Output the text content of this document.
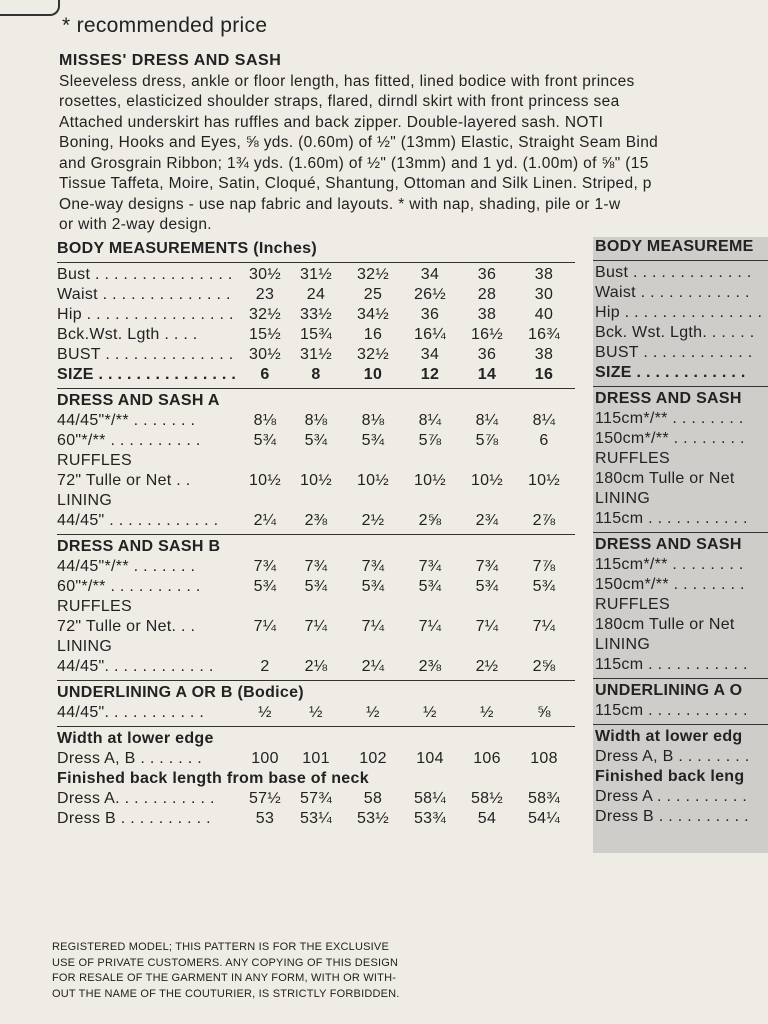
* recommended price
MISSES' DRESS AND SASH
Sleeveless dress, ankle or floor length, has fitted, lined bodice with front princes
rosettes, elasticized shoulder straps, flared, dirndl skirt with front princess sea
Attached underskirt has ruffles and back zipper. Double-layered sash. NOTI
Boning, Hooks and Eyes, ⅝ yds. (0.60m) of ½" (13mm) Elastic, Straight Seam Bind
and Grosgrain Ribbon; 1¾ yds. (1.60m) of ½" (13mm) and 1 yd. (1.00m) of ⅝" (15
Tissue Taffeta, Moire, Satin, Cloqué, Shantung, Ottoman and Silk Linen. Striped, p
One-way designs - use nap fabric and layouts. * with nap, shading, pile or 1-w
or with 2-way design.
BODY MEASUREMENTS (Inches)
Bust . . . . . . . . . . . . . . . 30½ 31½ 32½	34	36	38
Waist . . . . . . . . . . . . . .	23	24	25	26½	28	30
Hip . . . . . . . . . . . . . . . . 32½ 33½ 34½	36	38	40
Bck.Wst. Lgth . . . .	15½ 15¾	16	16¼ 16½ 16¾
BUST . . . . . . . . . . . . . . 30½ 31½ 32½	34	36	38
SIZE . . . . . . . . . . . . . . .	6	8	10	12	14	16
DRESS AND SASH A
44/45"*/** . . . . . . .	8⅛	8⅛	8⅛	8¼	8¼	8¼
60"*/** . . . . . . . . . .	5¾	5¾	5¾	5⅞	5⅞	6
RUFFLES
72" Tulle or Net . .	10½ 10½ 10½ 10½ 10½ 10½
LINING
44/45" . . . . . . . . . . . .	2¼	2⅜	2½	2⅝	2¾	2⅞
DRESS AND SASH B
44/45"*/** . . . . . . .	7¾	7¾	7¾	7¾	7¾	7⅞
60"*/** . . . . . . . . . .	5¾	5¾	5¾	5¾	5¾	5¾
RUFFLES
72" Tulle or Net. . .	7¼	7¼	7¼	7¼	7¼	7¼
LINING
44/45". . . . . . . . . . . .	2	2⅛	2¼	2⅜	2½	2⅝
UNDERLINING A OR B (Bodice)
44/45". . . . . . . . . . .	½	½	½	½	½	⅝
Width at lower edge
Dress A, B . . . . . . .	100	101	102	104	106	108
Finished back length from base of neck
Dress A. . . . . . . . . . . 57½ 57¾	58	58¼ 58½ 58¾
Dress B . . . . . . . . . .	53	53¼ 53½ 53¾	54	54¼
BODY MEASUREME
Bust . . . . . . . . . . . . .
Waist . . . . . . . . . . . .
Hip . . . . . . . . . . . . . . .
Bck. Wst. Lgth. . . . . .
BUST . . . . . . . . . . . .
SIZE . . . . . . . . . . . .
DRESS AND SASH
115cm*/** . . . . . . . .
150cm*/** . . . . . . . .
RUFFLES
180cm Tulle or Net
LINING
115cm . . . . . . . . . . .
DRESS AND SASH
115cm*/** . . . . . . . .
150cm*/** . . . . . . . .
RUFFLES
180cm Tulle or Net
LINING
115cm . . . . . . . . . . .
UNDERLINING A O
115cm . . . . . . . . . . .
Width at lower edg
Dress A, B . . . . . . . .
Finished back leng
Dress A . . . . . . . . . .
Dress B . . . . . . . . . .
REGISTERED MODEL; THIS PATTERN IS FOR THE EXCLUSIVE
USE OF PRIVATE CUSTOMERS. ANY COPYING OF THIS DESIGN
FOR RESALE OF THE GARMENT IN ANY FORM, WITH OR WITH-
OUT THE NAME OF THE COUTURIER, IS STRICTLY FORBIDDEN.
